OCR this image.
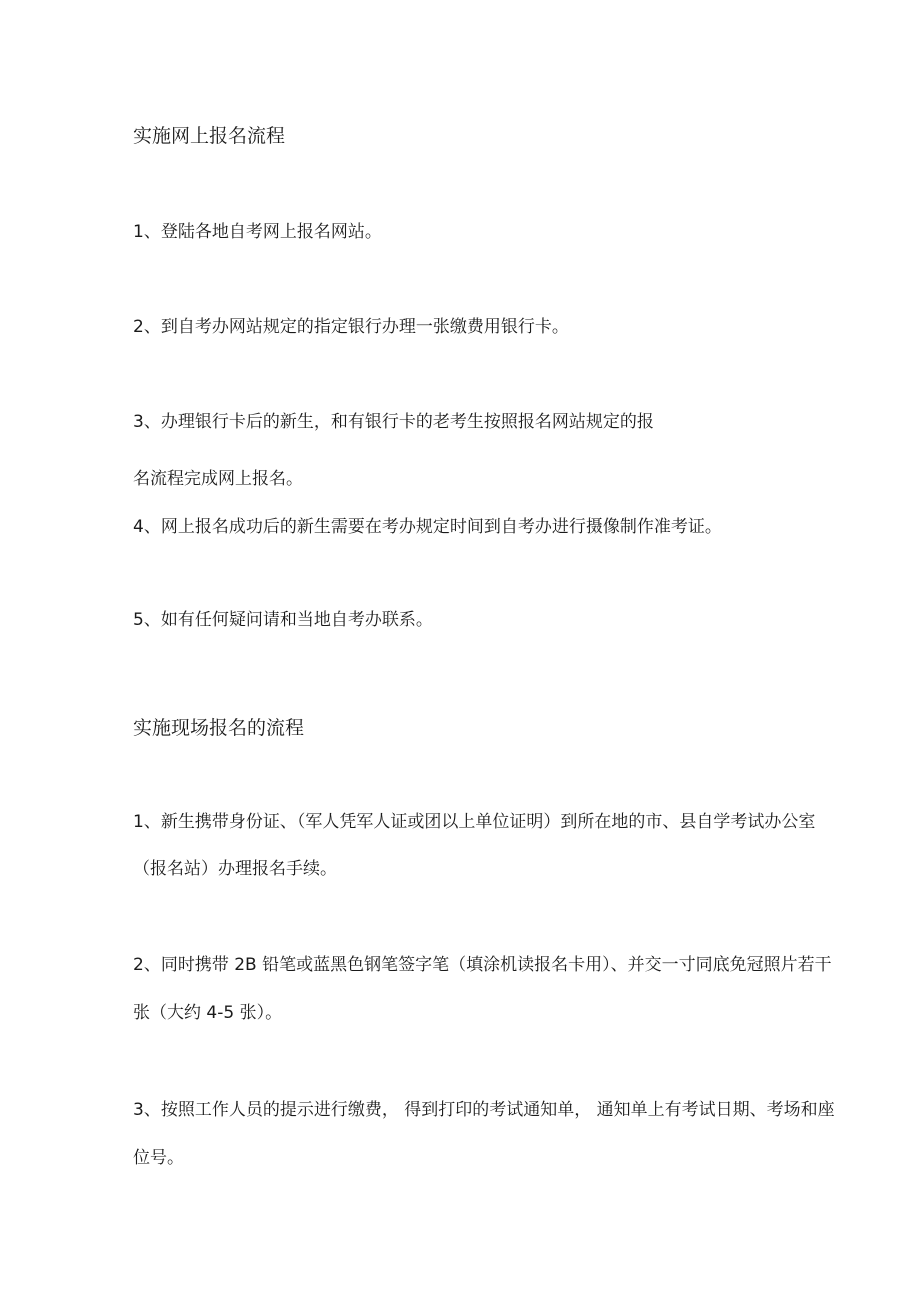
实施网上报名流程

1、登陆各地自考网上报名网站。

2、到自考办网站规定的指定银行办理一张缴费用银行卡。

3、办理银行卡后的新生，和有银行卡的老考生按照报名网站规定的报

名流程完成网上报名。

4、网上报名成功后的新生需要在考办规定时间到自考办进行摄像制作准考证。

5、如有任何疑问请和当地自考办联系。

实施现场报名的流程

1、新生携带身份证、（军人凭军人证或团以上单位证明）到所在地的市、县自学考试办公室

（报名站）办理报名手续。

2、同时携带 2B 铅笔或蓝黑色钢笔签字笔（填涂机读报名卡用）、并交一寸同底免冠照片若干

张（大约 4-5 张）。

3、按照工作人员的提示进行缴费， 得到打印的考试通知单， 通知单上有考试日期、考场和座

位号。
